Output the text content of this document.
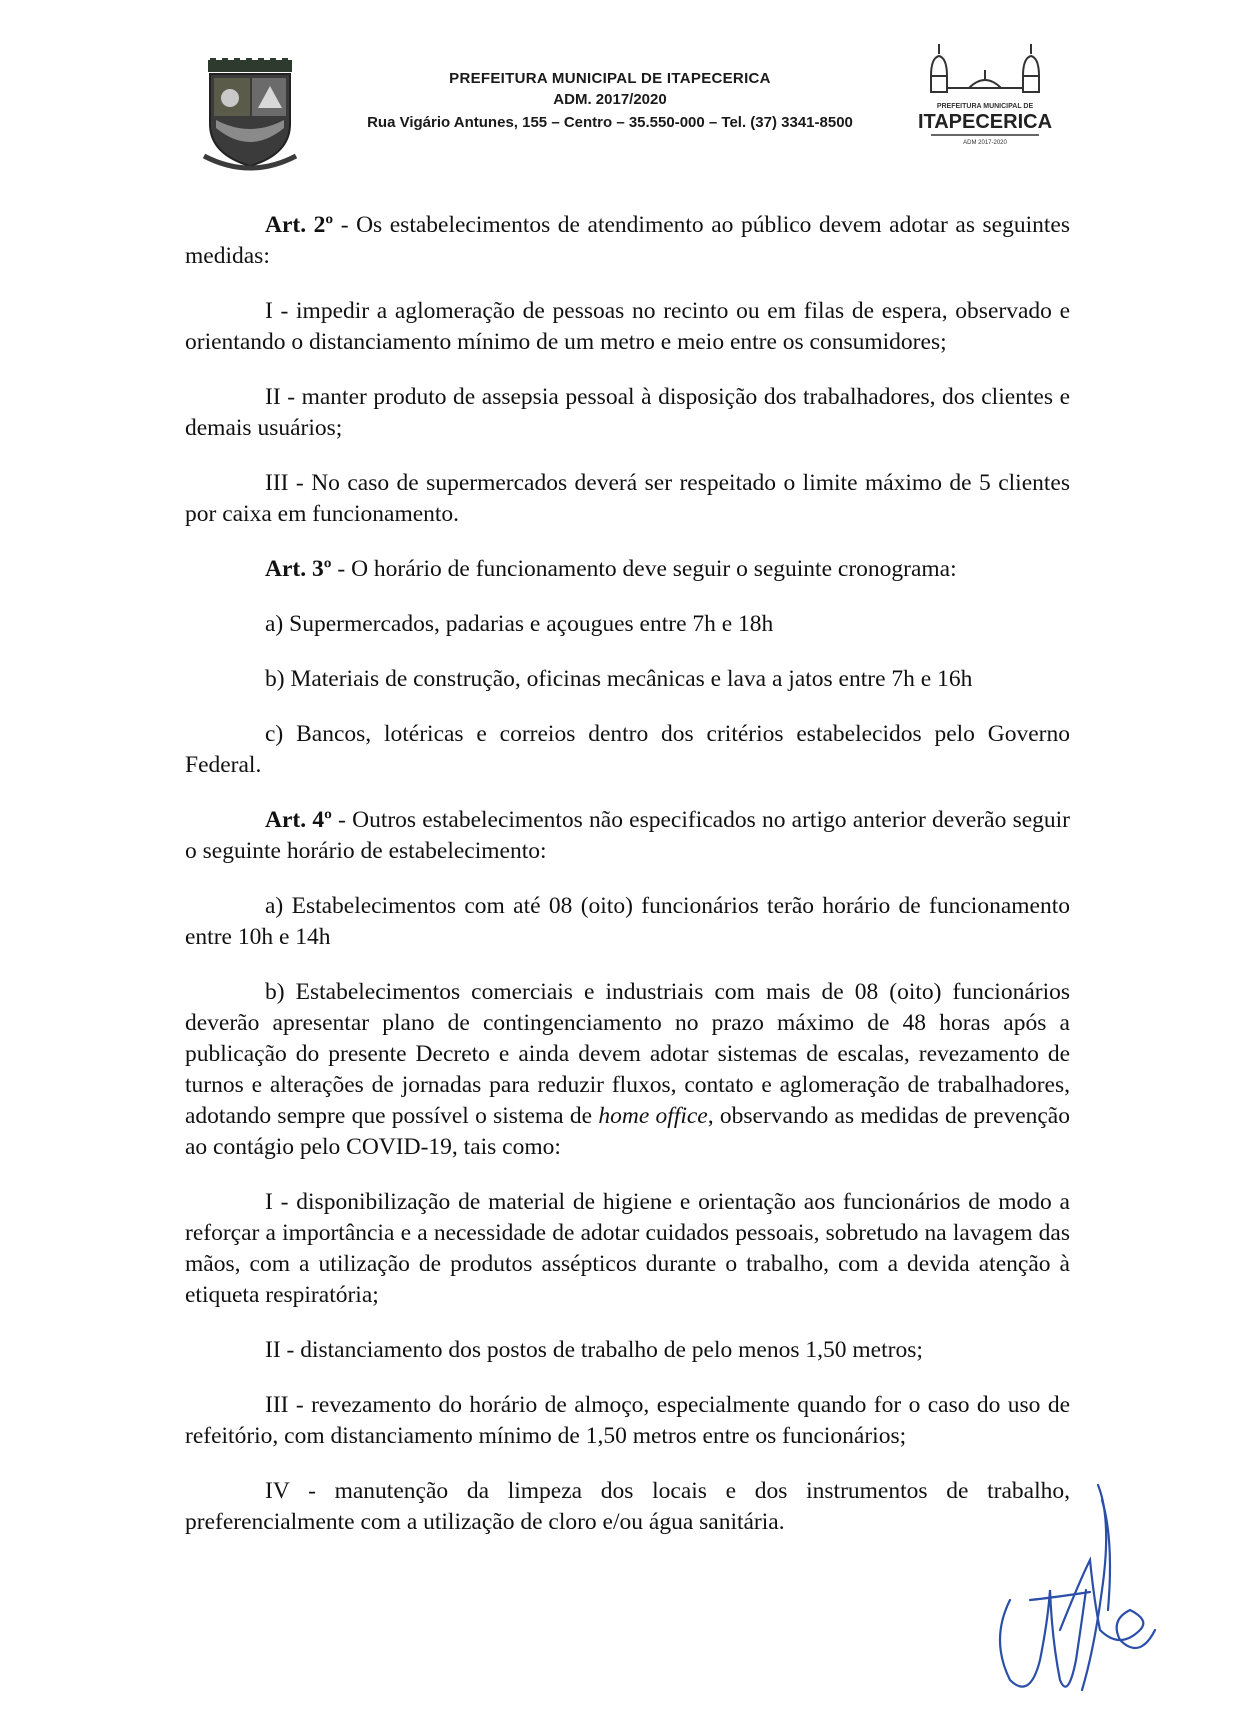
PREFEITURA MUNICIPAL DE ITAPECERICA
ADM. 2017/2020
Rua Vigário Antunes, 155 – Centro – 35.550-000 – Tel. (37) 3341-8500
PREFEITURA MUNICIPAL DE
ITAPECERICA
ADM 2017-2020

Art. 2º - Os estabelecimentos de atendimento ao público devem adotar as seguintes medidas:

I - impedir a aglomeração de pessoas no recinto ou em filas de espera, observado e orientando o distanciamento mínimo de um metro e meio entre os consumidores;

II - manter produto de assepsia pessoal à disposição dos trabalhadores, dos clientes e demais usuários;

III - No caso de supermercados deverá ser respeitado o limite máximo de 5 clientes por caixa em funcionamento.

Art. 3º - O horário de funcionamento deve seguir o seguinte cronograma:

a) Supermercados, padarias e açougues entre 7h e 18h

b) Materiais de construção, oficinas mecânicas e lava a jatos entre 7h e 16h

c) Bancos, lotéricas e correios dentro dos critérios estabelecidos pelo Governo Federal.

Art. 4º - Outros estabelecimentos não especificados no artigo anterior deverão seguir o seguinte horário de estabelecimento:

a) Estabelecimentos com até 08 (oito) funcionários terão horário de funcionamento entre 10h e 14h

b) Estabelecimentos comerciais e industriais com mais de 08 (oito) funcionários deverão apresentar plano de contingenciamento no prazo máximo de 48 horas após a publicação do presente Decreto e ainda devem adotar sistemas de escalas, revezamento de turnos e alterações de jornadas para reduzir fluxos, contato e aglomeração de trabalhadores, adotando sempre que possível o sistema de home office, observando as medidas de prevenção ao contágio pelo COVID-19, tais como:

I - disponibilização de material de higiene e orientação aos funcionários de modo a reforçar a importância e a necessidade de adotar cuidados pessoais, sobretudo na lavagem das mãos, com a utilização de produtos assépticos durante o trabalho, com a devida atenção à etiqueta respiratória;

II - distanciamento dos postos de trabalho de pelo menos 1,50 metros;

III - revezamento do horário de almoço, especialmente quando for o caso do uso de refeitório, com distanciamento mínimo de 1,50 metros entre os funcionários;

IV - manutenção da limpeza dos locais e dos instrumentos de trabalho, preferencialmente com a utilização de cloro e/ou água sanitária.
